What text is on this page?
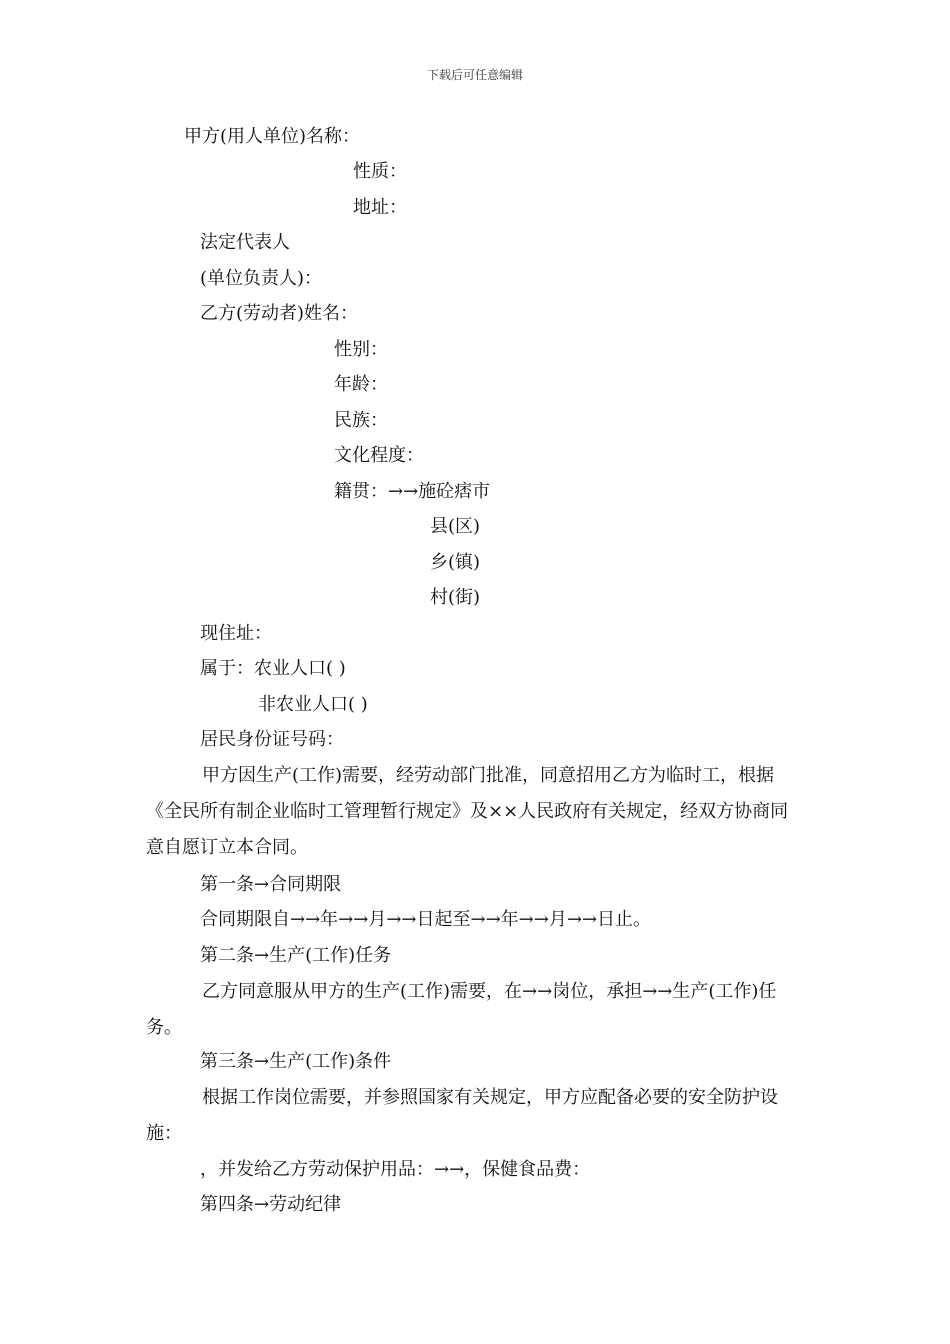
下载后可任意编辑
甲方(用人单位)名称：
性质：
地址：
法定代表人
(单位负责人)：
乙方(劳动者)姓名：
性别：
年龄：
民族：
文化程度：
籍贯：→→施砼痞市
县(区)
乡(镇)
村(街)
现住址：
属于：农业人口( )
非农业人口( )
居民身份证号码：
甲方因生产(工作)需要，经劳动部门批准，同意招用乙方为临时工，根据《全民所有制企业临时工管理暂行规定》及××人民政府有关规定，经双方协商同意自愿订立本合同。
第一条→合同期限
合同期限自→→年→→月→→日起至→→年→→月→→日止。
第二条→生产(工作)任务
乙方同意服从甲方的生产(工作)需要，在→→岗位，承担→→生产(工作)任务。
第三条→生产(工作)条件
根据工作岗位需要，并参照国家有关规定，甲方应配备必要的安全防护设施：
，并发给乙方劳动保护用品：→→，保健食品费：
第四条→劳动纪律
